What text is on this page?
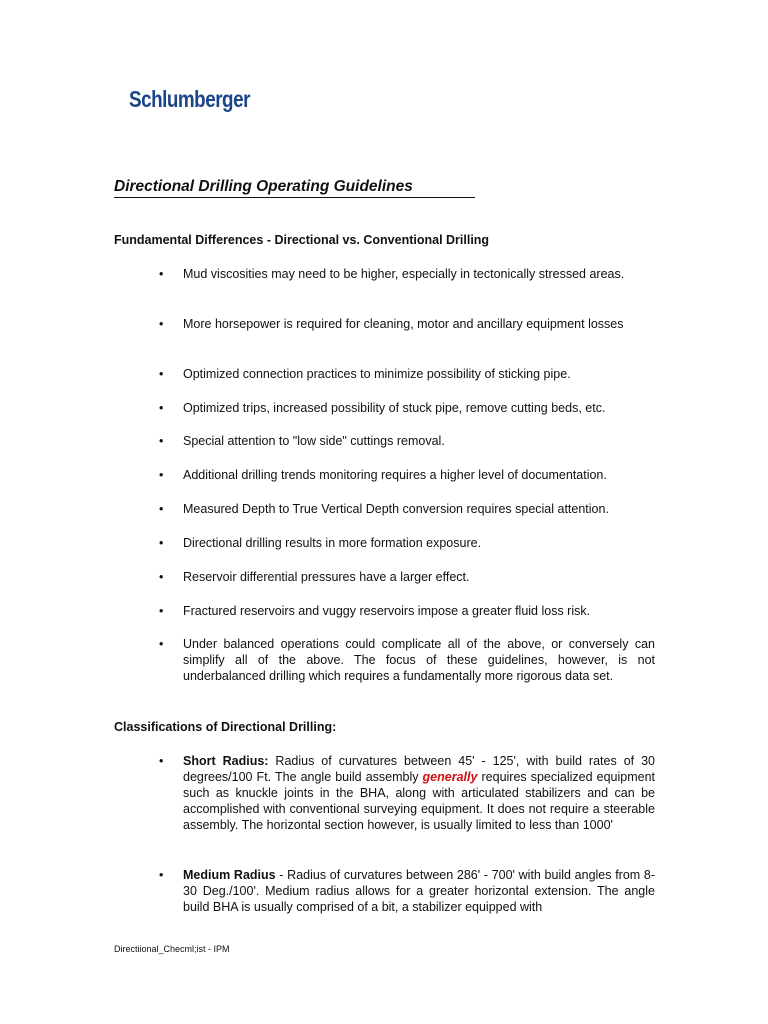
Schlumberger
Directional Drilling Operating Guidelines
Fundamental Differences - Directional vs. Conventional Drilling
• Mud viscosities may need to be higher, especially in tectonically stressed areas.
• More horsepower is required for cleaning, motor and ancillary equipment losses
• Optimized connection practices to minimize possibility of sticking pipe.
• Optimized trips, increased possibility of stuck pipe, remove cutting beds, etc.
• Special attention to "low side" cuttings removal.
• Additional drilling trends monitoring requires a higher level of documentation.
• Measured Depth to True Vertical Depth conversion requires special attention.
• Directional drilling results in more formation exposure.
• Reservoir differential pressures have a larger effect.
• Fractured reservoirs and vuggy reservoirs impose a greater fluid loss risk.
• Under balanced operations could complicate all of the above, or conversely can simplify all of the above. The focus of these guidelines, however, is not underbalanced drilling which requires a fundamentally more rigorous data set.
Classifications of Directional Drilling:
• Short Radius: Radius of curvatures between 45' - 125', with build rates of 30 degrees/100 Ft. The angle build assembly generally requires specialized equipment such as knuckle joints in the BHA, along with articulated stabilizers and can be accomplished with conventional surveying equipment. It does not require a steerable assembly. The horizontal section however, is usually limited to less than 1000'
• Medium Radius - Radius of curvatures between 286' - 700' with build angles from 8-30 Deg./100'. Medium radius allows for a greater horizontal extension. The angle build BHA is usually comprised of a bit, a stabilizer equipped with
Directiional_Checml;ist - IPM
